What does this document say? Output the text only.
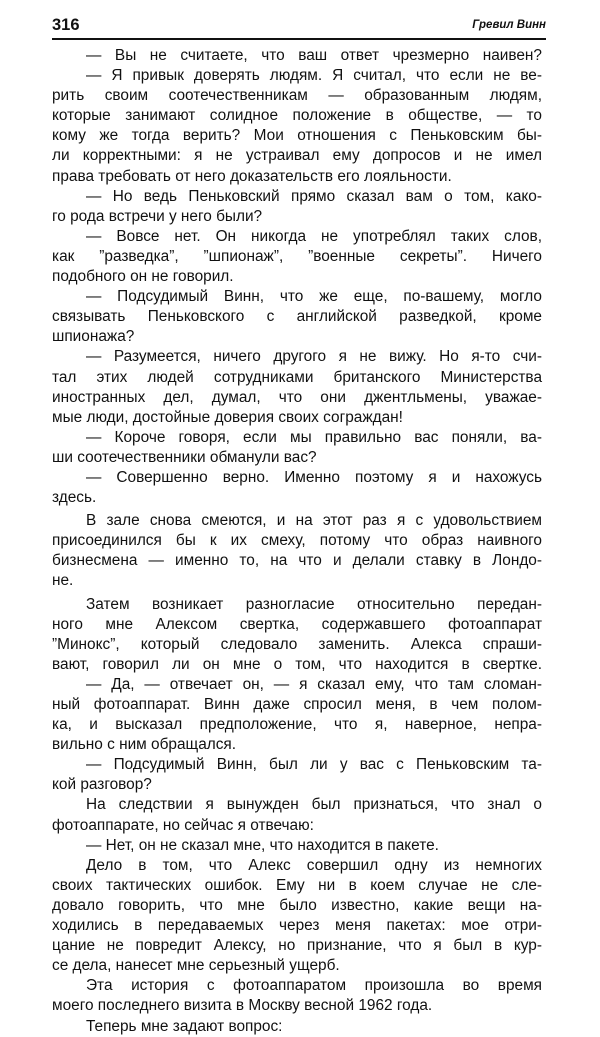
316	Гревил Винн

— Вы не считаете, что ваш ответ чрезмерно наивен?

— Я привык доверять людям. Я считал, что если не ве-

рить своим соотечественникам — образованным людям,

которые занимают солидное положение в обществе, — то

кому же тогда верить? Мои отношения с Пеньковским бы-

ли корректными: я не устраивал ему допросов и не имел

права требовать от него доказательств его лояльности.

— Но ведь Пеньковский прямо сказал вам о том, како-

го рода встречи у него были?

— Вовсе нет. Он никогда не употреблял таких слов,

как ”разведка”, ”шпионаж”, ”военные секреты”. Ничего

подобного он не говорил.

— Подсудимый Винн, что же еще, по-вашему, могло

связывать Пеньковского с английской разведкой, кроме

шпионажа?

— Разумеется, ничего другого я не вижу. Но я-то счи-

тал этих людей сотрудниками британского Министерства

иностранных дел, думал, что они джентльмены, уважае-

мые люди, достойные доверия своих сограждан!

— Короче говоря, если мы правильно вас поняли, ва-

ши соотечественники обманули вас?

— Совершенно верно. Именно поэтому я и нахожусь

здесь.

В зале снова смеются, и на этот раз я с удовольствием

присоединился бы к их смеху, потому что образ наивного

бизнесмена — именно то, на что и делали ставку в Лондо-

не.

Затем возникает разногласие относительно передан-

ного мне Алексом свертка, содержавшего фотоаппарат

”Минокс”, который следовало заменить. Алекса спраши-

вают, говорил ли он мне о том, что находится в свертке.

— Да, — отвечает он, — я сказал ему, что там сломан-

ный фотоаппарат. Винн даже спросил меня, в чем полом-

ка, и высказал предположение, что я, наверное, непра-

вильно с ним обращался.

— Подсудимый Винн, был ли у вас с Пеньковским та-

кой разговор?

На следствии я вынужден был признаться, что знал о

фотоаппарате, но сейчас я отвечаю:

— Нет, он не сказал мне, что находится в пакете.

Дело в том, что Алекс совершил одну из немногих

своих тактических ошибок. Ему ни в коем случае не сле-

довало говорить, что мне было известно, какие вещи на-

ходились в передаваемых через меня пакетах: мое отри-

цание не повредит Алексу, но признание, что я был в кур-

се дела, нанесет мне серьезный ущерб.

Эта история с фотоаппаратом произошла во время

моего последнего визита в Москву весной 1962 года.

Теперь мне задают вопрос:
